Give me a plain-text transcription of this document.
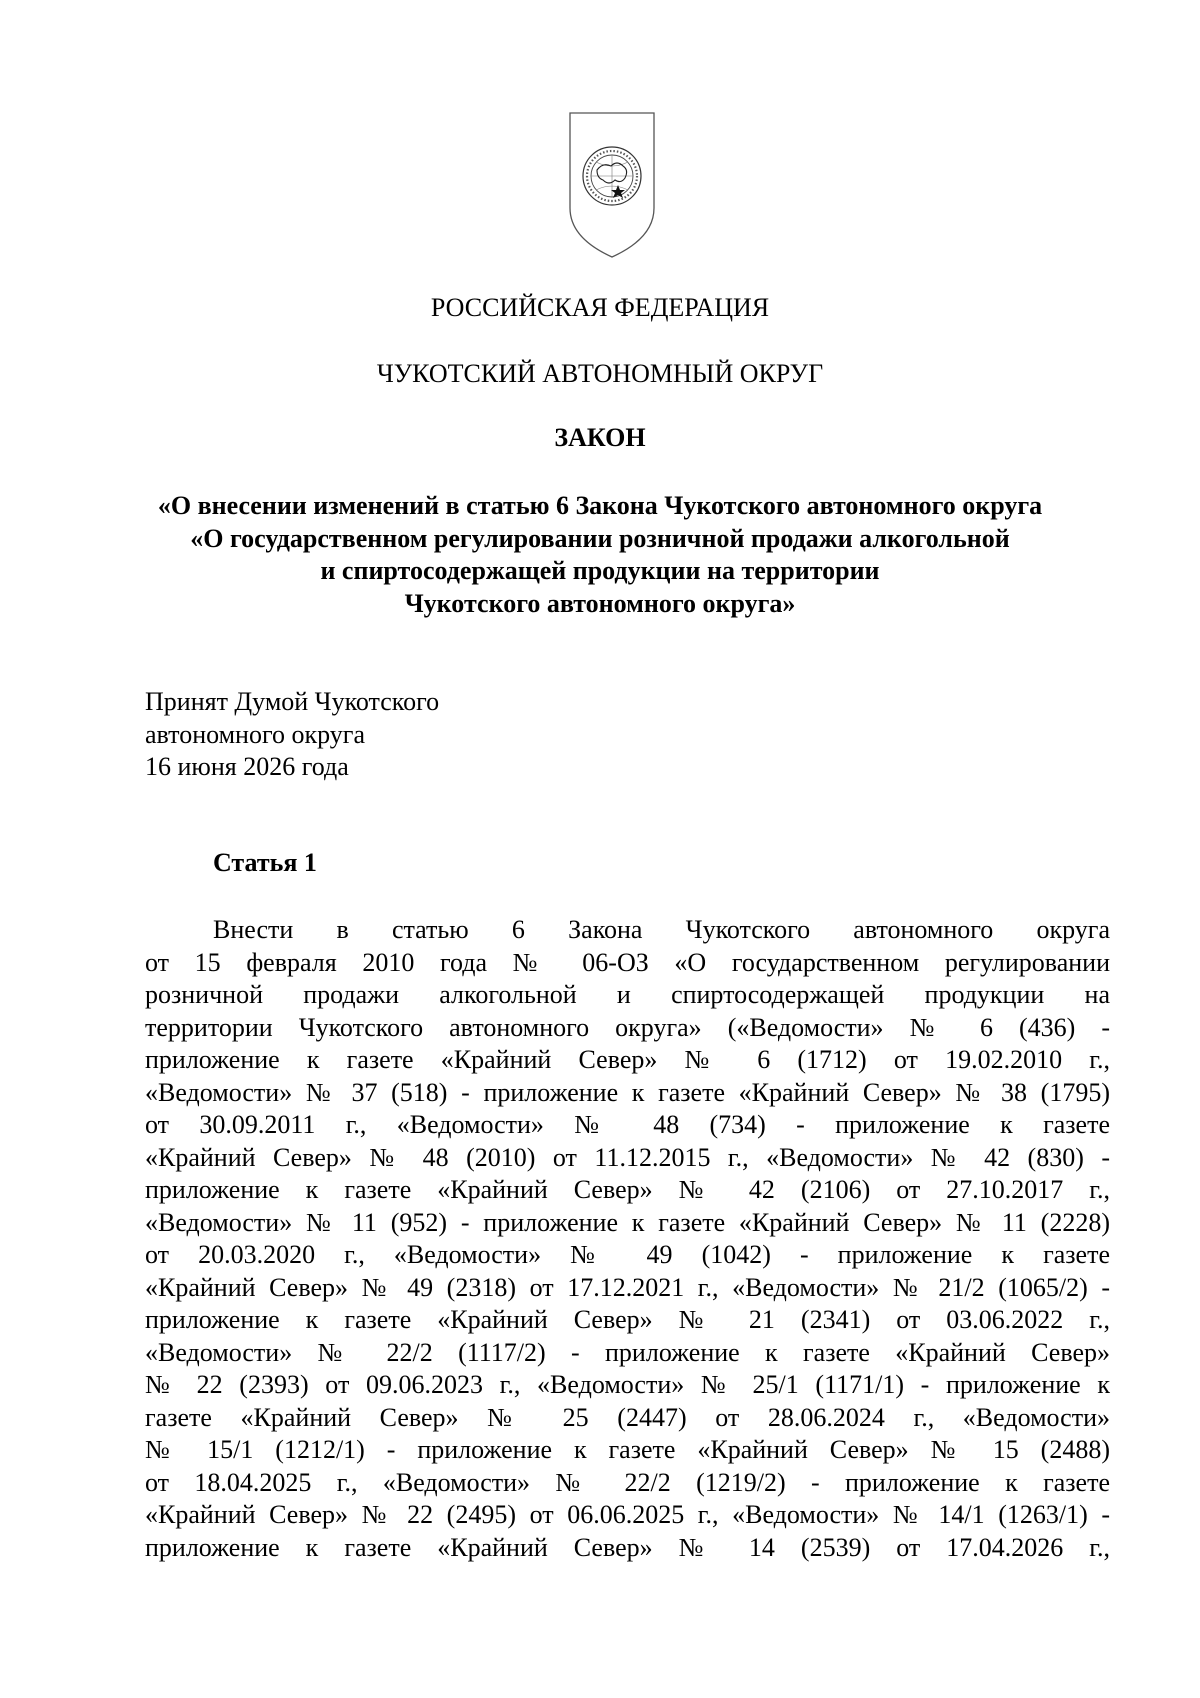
РОССИЙСКАЯ ФЕДЕРАЦИЯ
ЧУКОТСКИЙ АВТОНОМНЫЙ ОКРУГ
ЗАКОН
«О внесении изменений в статью 6 Закона Чукотского автономного округа
«О государственном регулировании розничной продажи алкогольной
и спиртосодержащей продукции на территории
Чукотского автономного округа»
Принят Думой Чукотского
автономного округа
16 июня 2026 года
Статья 1
Внести в статью 6 Закона Чукотского автономного округа
от 15 февраля 2010 года № 06-ОЗ «О государственном регулировании
розничной продажи алкогольной и спиртосодержащей продукции на
территории Чукотского автономного округа» («Ведомости» № 6 (436) -
приложение к газете «Крайний Север» № 6 (1712) от 19.02.2010 г.,
«Ведомости» № 37 (518) - приложение к газете «Крайний Север» № 38 (1795)
от 30.09.2011 г., «Ведомости» № 48 (734) - приложение к газете
«Крайний Север» № 48 (2010) от 11.12.2015 г., «Ведомости» № 42 (830) -
приложение к газете «Крайний Север» № 42 (2106) от 27.10.2017 г.,
«Ведомости» № 11 (952) - приложение к газете «Крайний Север» № 11 (2228)
от 20.03.2020 г., «Ведомости» № 49 (1042) - приложение к газете
«Крайний Север» № 49 (2318) от 17.12.2021 г., «Ведомости» № 21/2 (1065/2) -
приложение к газете «Крайний Север» № 21 (2341) от 03.06.2022 г.,
«Ведомости» № 22/2 (1117/2) - приложение к газете «Крайний Север»
№ 22 (2393) от 09.06.2023 г., «Ведомости» № 25/1 (1171/1) - приложение к
газете «Крайний Север» № 25 (2447) от 28.06.2024 г., «Ведомости»
№ 15/1 (1212/1) - приложение к газете «Крайний Север» № 15 (2488)
от 18.04.2025 г., «Ведомости» № 22/2 (1219/2) - приложение к газете
«Крайний Север» № 22 (2495) от 06.06.2025 г., «Ведомости» № 14/1 (1263/1) -
приложение к газете «Крайний Север» № 14 (2539) от 17.04.2026 г.,
